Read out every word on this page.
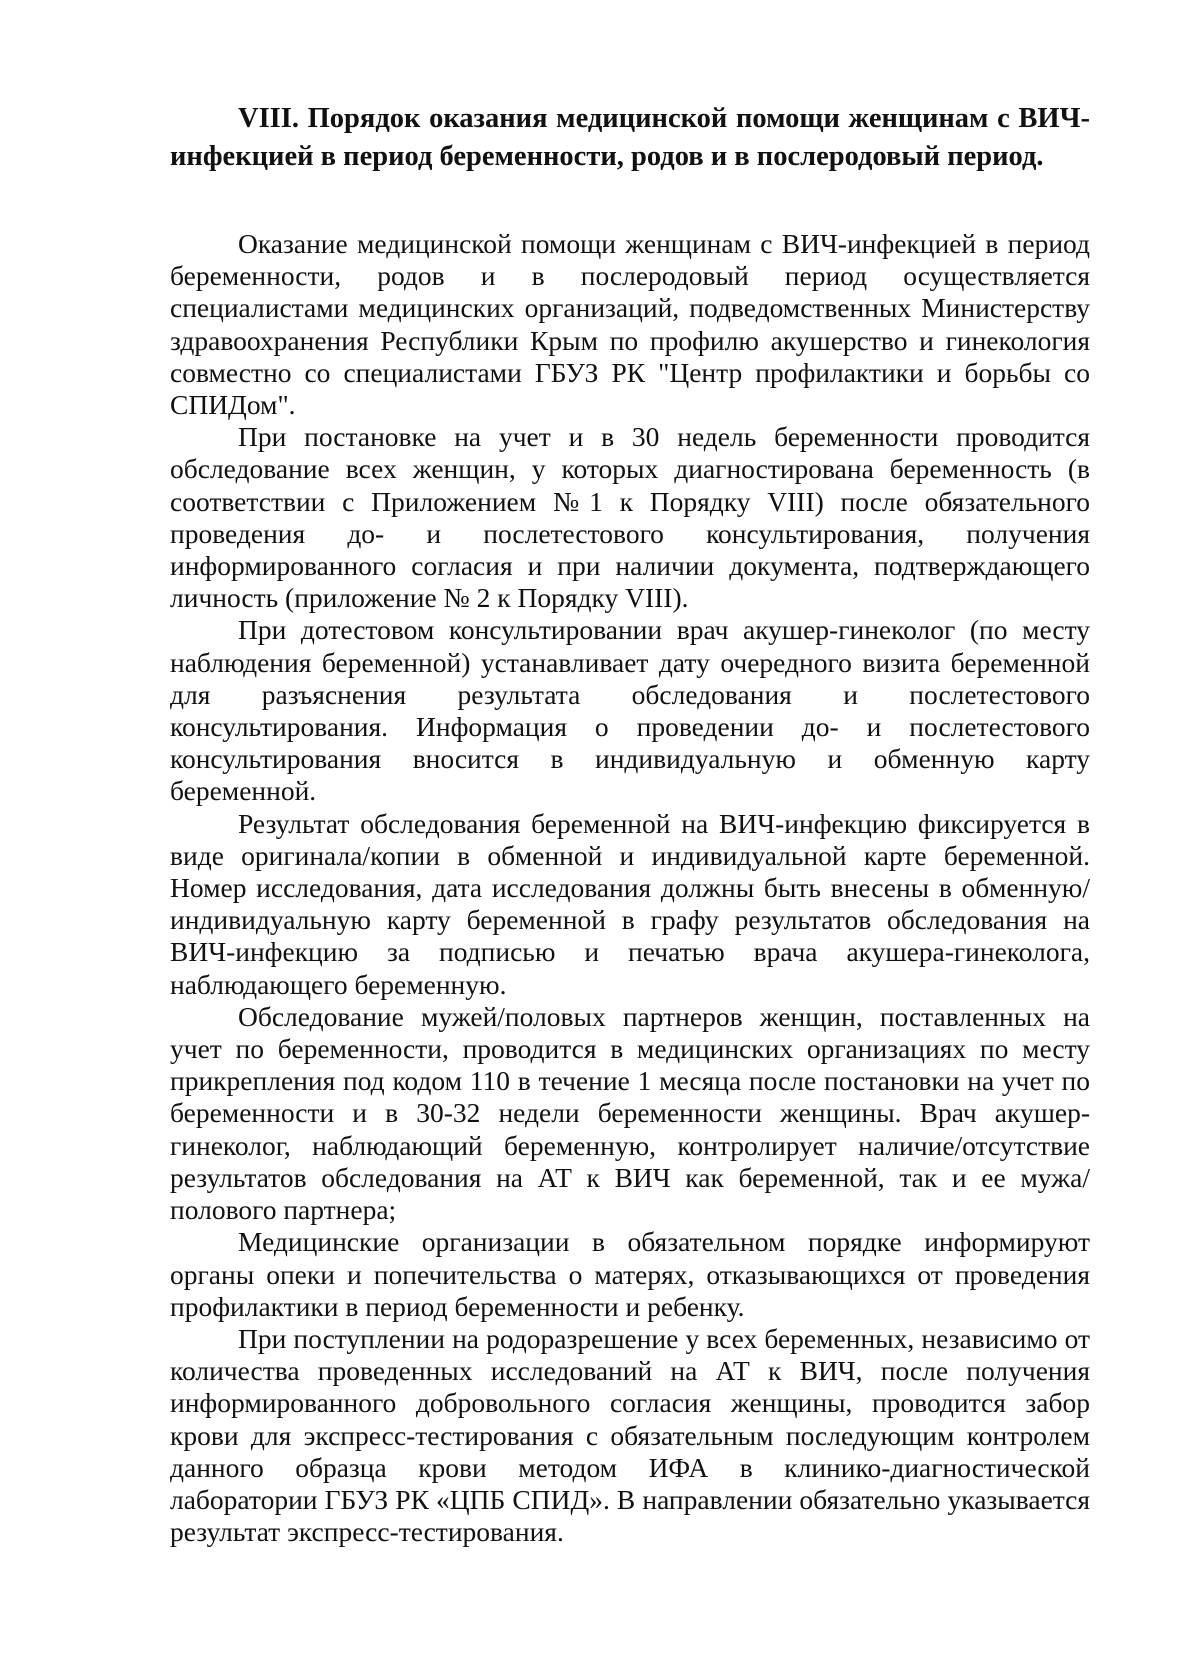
VIII. Порядок оказания медицинской помощи женщинам с ВИЧ-инфекцией в период беременности, родов и в послеродовый период.

Оказание медицинской помощи женщинам с ВИЧ-инфекцией в период беременности, родов и в послеродовый период осуществляется специалистами медицинских организаций, подведомственных Министерству здравоохранения Республики Крым по профилю акушерство и гинекология совместно со специалистами ГБУЗ РК "Центр профилактики и борьбы со СПИДом".

При постановке на учет и в 30 недель беременности проводится обследование всех женщин, у которых диагностирована беременность (в соответствии с Приложением №1 к Порядку VIII) после обязательного проведения до- и послетестового консультирования, получения информированного согласия и при наличии документа, подтверждающего личность (приложение № 2 к Порядку VIII).

При дотестовом консультировании врач акушер-гинеколог (по месту наблюдения беременной) устанавливает дату очередного визита беременной для разъяснения результата обследования и послетестового консультирования. Информация о проведении до- и послетестового консультирования вносится в индивидуальную и обменную карту беременной.

Результат обследования беременной на ВИЧ-инфекцию фиксируется в виде оригинала/копии в обменной и индивидуальной карте беременной. Номер исследования, дата исследования должны быть внесены в обменную/индивидуальную карту беременной в графу результатов обследования на ВИЧ-инфекцию за подписью и печатью врача акушера-гинеколога, наблюдающего беременную.

Обследование мужей/половых партнеров женщин, поставленных на учет по беременности, проводится в медицинских организациях по месту прикрепления под кодом 110 в течение 1 месяца после постановки на учет по беременности и в 30-32 недели беременности женщины. Врач акушер-гинеколог, наблюдающий беременную, контролирует наличие/отсутствие результатов обследования на АТ к ВИЧ как беременной, так и ее мужа/полового партнера;

Медицинские организации в обязательном порядке информируют органы опеки и попечительства о матерях, отказывающихся от проведения профилактики в период беременности и ребенку.

При поступлении на родоразрешение у всех беременных, независимо от количества проведенных исследований на АТ к ВИЧ, после получения информированного добровольного согласия женщины, проводится забор крови для экспресс-тестирования с обязательным последующим контролем данного образца крови методом ИФА в клинико-диагностической лаборатории ГБУЗ РК «ЦПБ СПИД». В направлении обязательно указывается результат экспресс-тестирования.
